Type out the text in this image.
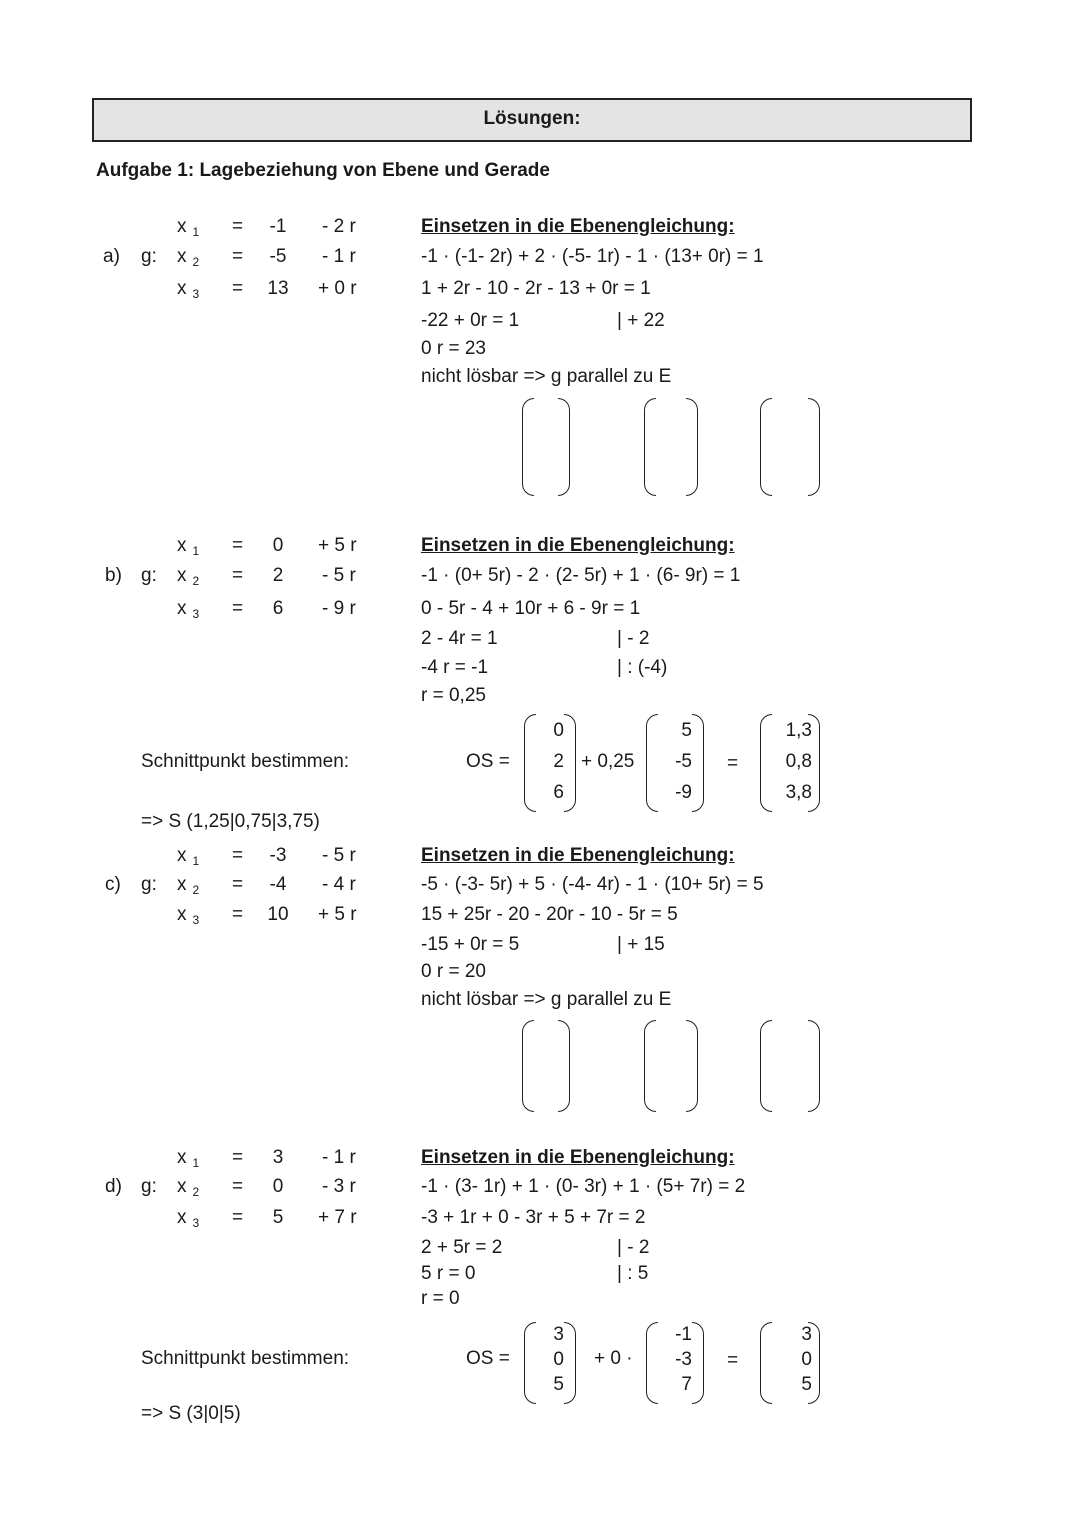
Lösungen:
Aufgabe 1: Lagebeziehung von Ebene und Gerade
a) g:
x $_1$ = -1 - 2 r
x $_2$ = -5 - 1 r
x $_3$ = 13 + 0 r
Einsetzen in die Ebenengleichung:
-1 · (-1- 2r) + 2 · (-5- 1r) - 1 · (13+ 0r) = 1
1 + 2r - 10 - 2r - 13 + 0r = 1
-22 + 0r = 1	| + 22
0 r = 23
nicht lösbar => g parallel zu E
b) g:
x $_1$ =	0	+ 5 r
x $_2$ =	2	- 5 r
x $_3$ =	6	- 9 r
Einsetzen in die Ebenengleichung:
-1 · (0+ 5r) - 2 · (2- 5r) + 1 · (6- 9r) = 1
0 - 5r - 4 + 10r + 6 - 9r = 1
2 - 4r = 1	| - 2
-4 r = -1	| : (-4)
r = 0,25
Schnittpunkt bestimmen:	OS =
0
2
6
+ 0,25
5
-5
-9
=
1,3
0,8
3,8
=> S (1,25|0,75|3,75)
c) g:
x $_1$ = -3 - 5 r
x $_2$ = -4 - 4 r
x $_3$ = 10 + 5 r
Einsetzen in die Ebenengleichung:
-5 · (-3- 5r) + 5 · (-4- 4r) - 1 · (10+ 5r) = 5
15 + 25r - 20 - 20r - 10 - 5r = 5
-15 + 0r = 5	| + 15
0 r = 20
nicht lösbar => g parallel zu E
d) g:
x $_1$ =	3	- 1 r
x $_2$ =	0	- 3 r
x $_3$ =	5	+ 7 r
Einsetzen in die Ebenengleichung:
-1 · (3- 1r) + 1 · (0- 3r) + 1 · (5+ 7r) = 2
-3 + 1r + 0 - 3r + 5 + 7r = 2
2 + 5r = 2	| - 2
5 r = 0	| : 5
r = 0
Schnittpunkt bestimmen:	OS =
3
0
5
+ 0 ·
-1
-3
7
=
3
0
5
=> S (3|0|5)
